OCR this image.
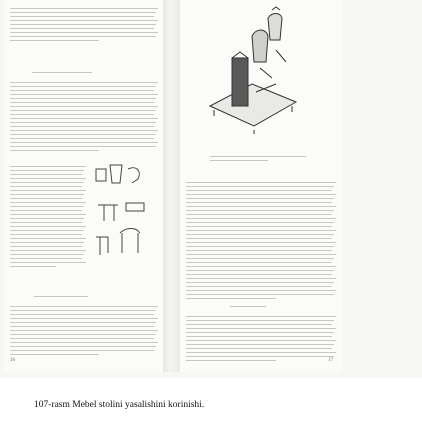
16	17
107-rasm Mebel stolini yasalishini korinishi.
